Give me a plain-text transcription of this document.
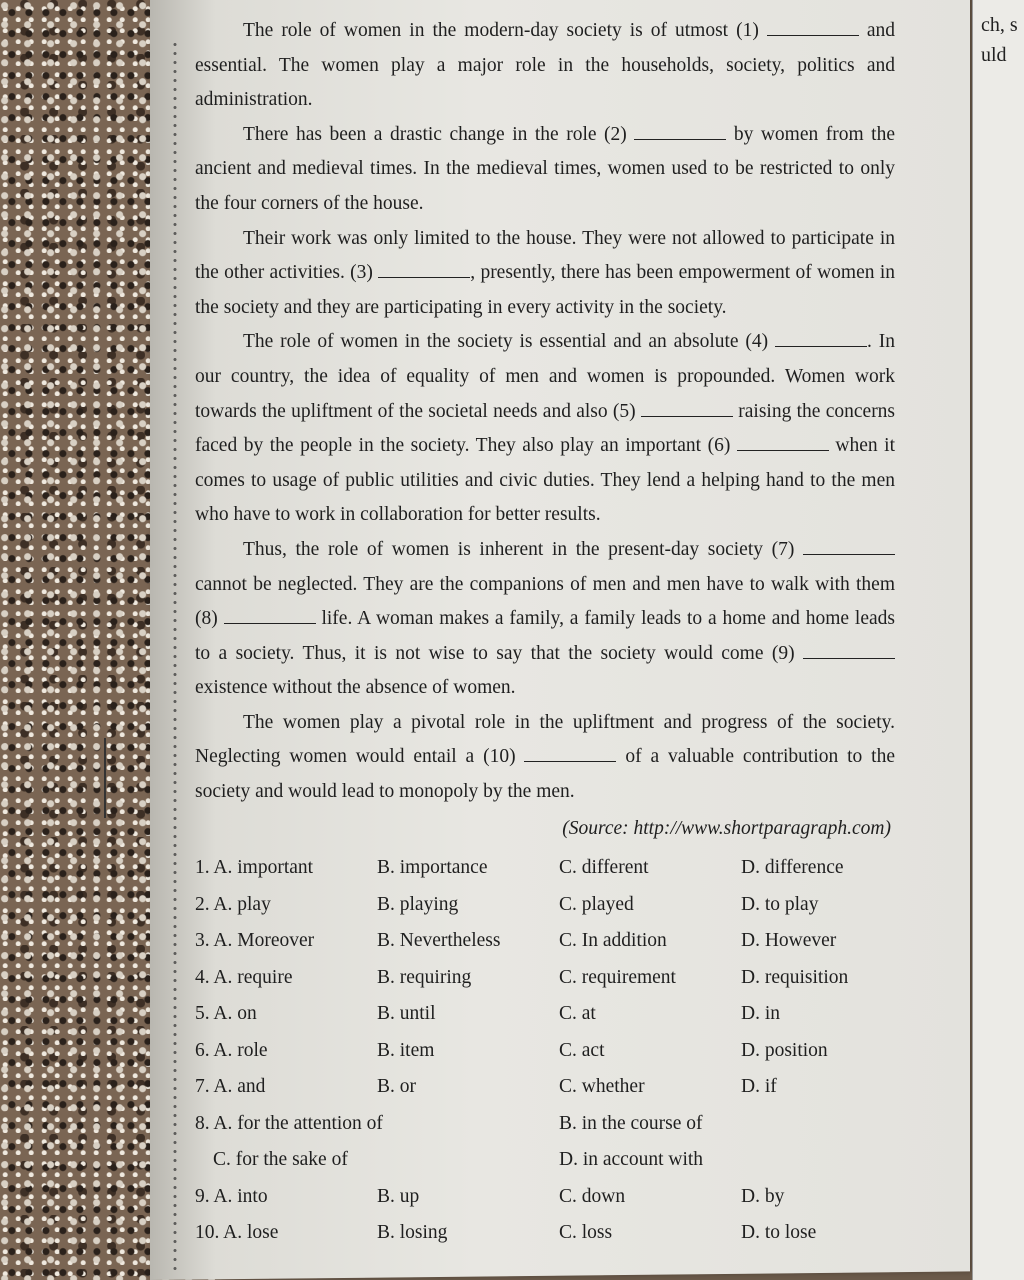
ch, s
uld

The role of women in the modern-day society is of utmost (1)	and essential. The women play a major role in the households, society, politics and administration.

There has been a drastic change in the role (2)	by women from the ancient and medieval times. In the medieval times, women used to be restricted to only the four corners of the house.

Their work was only limited to the house. They were not allowed to participate in the other activities. (3)	, presently, there has been empowerment of women in the society and they are participating in every activity in the society.

The role of women in the society is essential and an absolute (4)	. In our country, the idea of equality of men and women is propounded. Women work towards the upliftment of the societal needs and also (5)	raising the concerns faced by the people in the society. They also play an important (6)	when it comes to usage of public utilities and civic duties. They lend a helping hand to the men who have to work in collaboration for better results.

Thus, the role of women is inherent in the present-day society (7)  cannot be neglected. They are the companions of men and men have to walk with them (8)	life. A woman makes a family, a family leads to a home and home leads to a society. Thus, it is not wise to say that the society would come (9)  existence without the absence of women.

The women play a pivotal role in the upliftment and progress of the society. Neglecting women would entail a (10)	of a valuable contribution to the society and would lead to monopoly by the men.

(Source: http://www.shortparagraph.com)
1. A. important	B. importance	C. different	D. difference
2. A. play	B. playing	C. played	D. to play
3. A. Moreover	B. Nevertheless	C. In addition	D. However
4. A. require	B. requiring	C. requirement	D. requisition
5. A. on	B. until	C. at	D. in
6. A. role	B. item	C. act	D. position
7. A. and	B. or	C. whether	D. if
8. A. for the attention of	B. in the course of
C. for the sake of	D. in account with
9. A. into	B. up	C. down	D. by
10. A. lose	B. losing	C. loss	D. to lose
